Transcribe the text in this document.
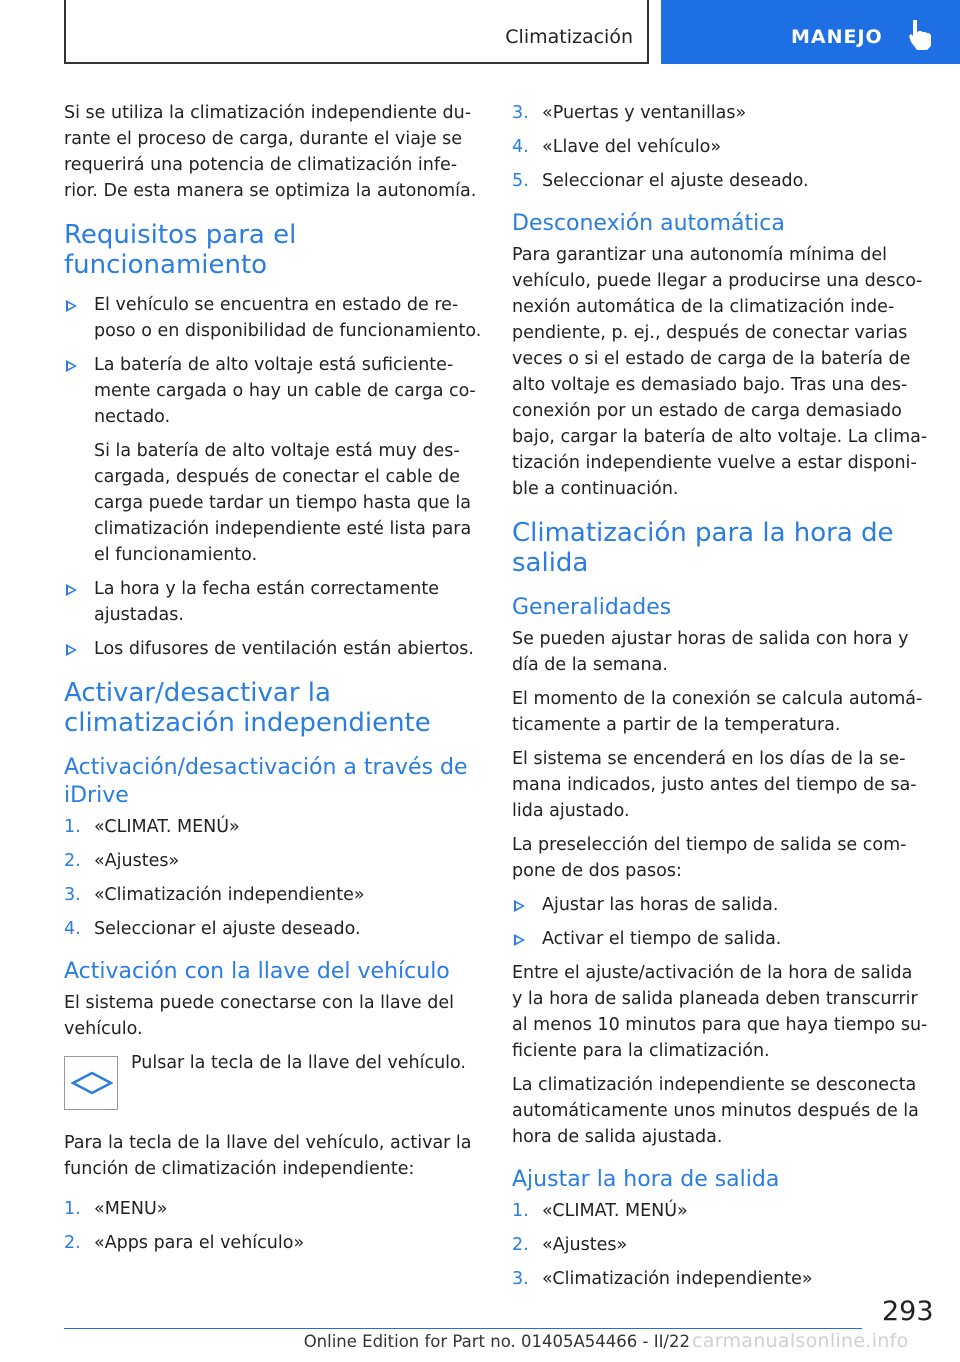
Climatización	MANEJO

Si se utiliza la climatización independiente durante el proceso de carga, durante el viaje se requerirá una potencia de climatización inferior. De esta manera se optimiza la autonomía.

Requisitos para el funcionamiento
El vehículo se encuentra en estado de reposo o en disponibilidad de funcionamiento.
La batería de alto voltaje está suficientemente cargada o hay un cable de carga conectado.
Si la batería de alto voltaje está muy descargada, después de conectar el cable de carga puede tardar un tiempo hasta que la climatización independiente esté lista para el funcionamiento.
La hora y la fecha están correctamente ajustadas.
Los difusores de ventilación están abiertos.
Activar/desactivar la climatización independiente
Activación/desactivación a través de iDrive
1. «CLIMAT. MENÚ»
2. «Ajustes»
3. «Climatización independiente»
4. Seleccionar el ajuste deseado.
Activación con la llave del vehículo

El sistema puede conectarse con la llave del vehículo.

Pulsar la tecla de la llave del vehículo.

Para la tecla de la llave del vehículo, activar la función de climatización independiente:

1. «MENU»
2. «Apps para el vehículo»
3. «Puertas y ventanillas»
4. «Llave del vehículo»
5. Seleccionar el ajuste deseado.
Desconexión automática

Para garantizar una autonomía mínima del vehículo, puede llegar a producirse una desconexión automática de la climatización independiente, p. ej., después de conectar varias veces o si el estado de carga de la batería de alto voltaje es demasiado bajo. Tras una desconexión por un estado de carga demasiado bajo, cargar la batería de alto voltaje. La climatización independiente vuelve a estar disponible a continuación.

Climatización para la hora de salida
Generalidades

Se pueden ajustar horas de salida con hora y día de la semana.

El momento de la conexión se calcula automáticamente a partir de la temperatura.

El sistema se encenderá en los días de la semana indicados, justo antes del tiempo de salida ajustado.

La preselección del tiempo de salida se compone de dos pasos:

Ajustar las horas de salida.
Activar el tiempo de salida.

Entre el ajuste/activación de la hora de salida y la hora de salida planeada deben transcurrir al menos 10 minutos para que haya tiempo suficiente para la climatización.

La climatización independiente se desconecta automáticamente unos minutos después de la hora de salida ajustada.

Ajustar la hora de salida
1. «CLIMAT. MENÚ»
2. «Ajustes»
3. «Climatización independiente»
293
Online Edition for Part no. 01405A54466 - II/22 carmanualsonline.info
